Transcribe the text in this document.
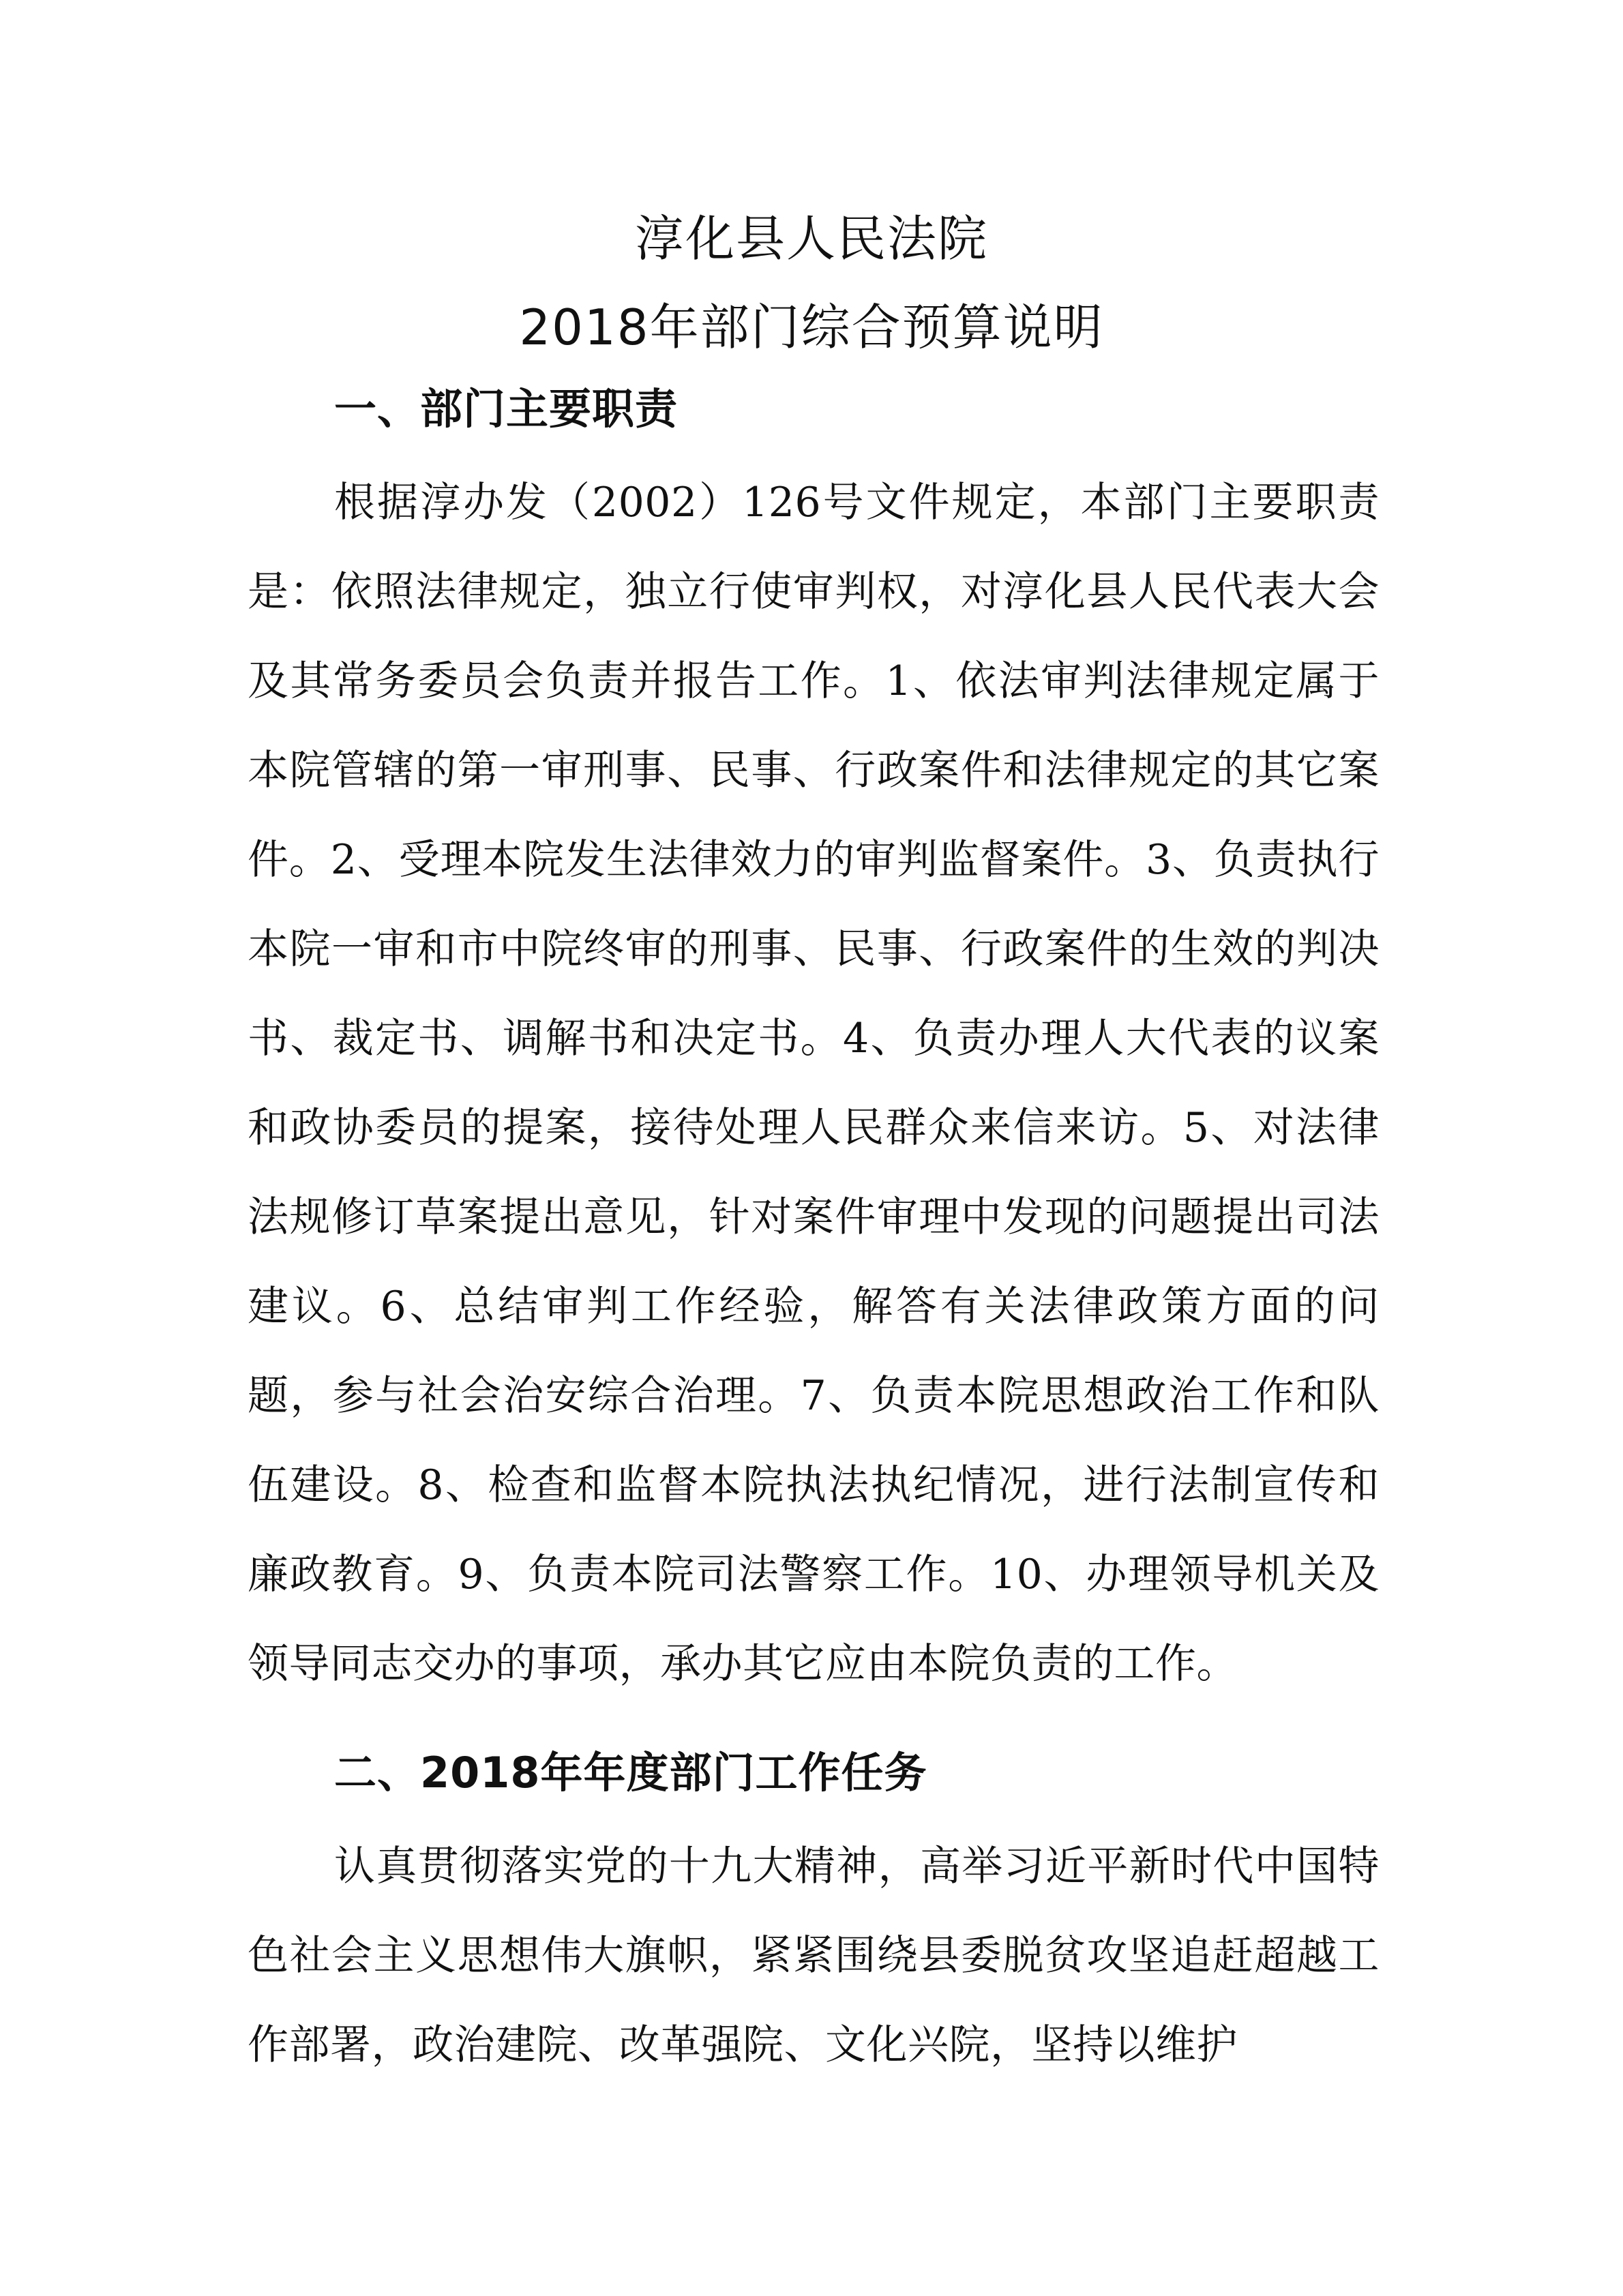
淳化县人民法院
2018年部门综合预算说明
一、部门主要职责

根据淳办发（2002）126号文件规定，本部门主要职责是：依照法律规定，独立行使审判权，对淳化县人民代表大会及其常务委员会负责并报告工作。1、依法审判法律规定属于本院管辖的第一审刑事、民事、行政案件和法律规定的其它案件。2、受理本院发生法律效力的审判监督案件。3、负责执行本院一审和市中院终审的刑事、民事、行政案件的生效的判决书、裁定书、调解书和决定书。4、负责办理人大代表的议案和政协委员的提案，接待处理人民群众来信来访。5、对法律法规修订草案提出意见，针对案件审理中发现的问题提出司法建议。6、总结审判工作经验，解答有关法律政策方面的问题，参与社会治安综合治理。7、负责本院思想政治工作和队伍建设。8、检查和监督本院执法执纪情况，进行法制宣传和廉政教育。9、负责本院司法警察工作。10、办理领导机关及领导同志交办的事项，承办其它应由本院负责的工作。

二、2018年年度部门工作任务

认真贯彻落实党的十九大精神，高举习近平新时代中国特色社会主义思想伟大旗帜，紧紧围绕县委脱贫攻坚追赶超越工作部署，政治建院、改革强院、文化兴院，坚持以维护
